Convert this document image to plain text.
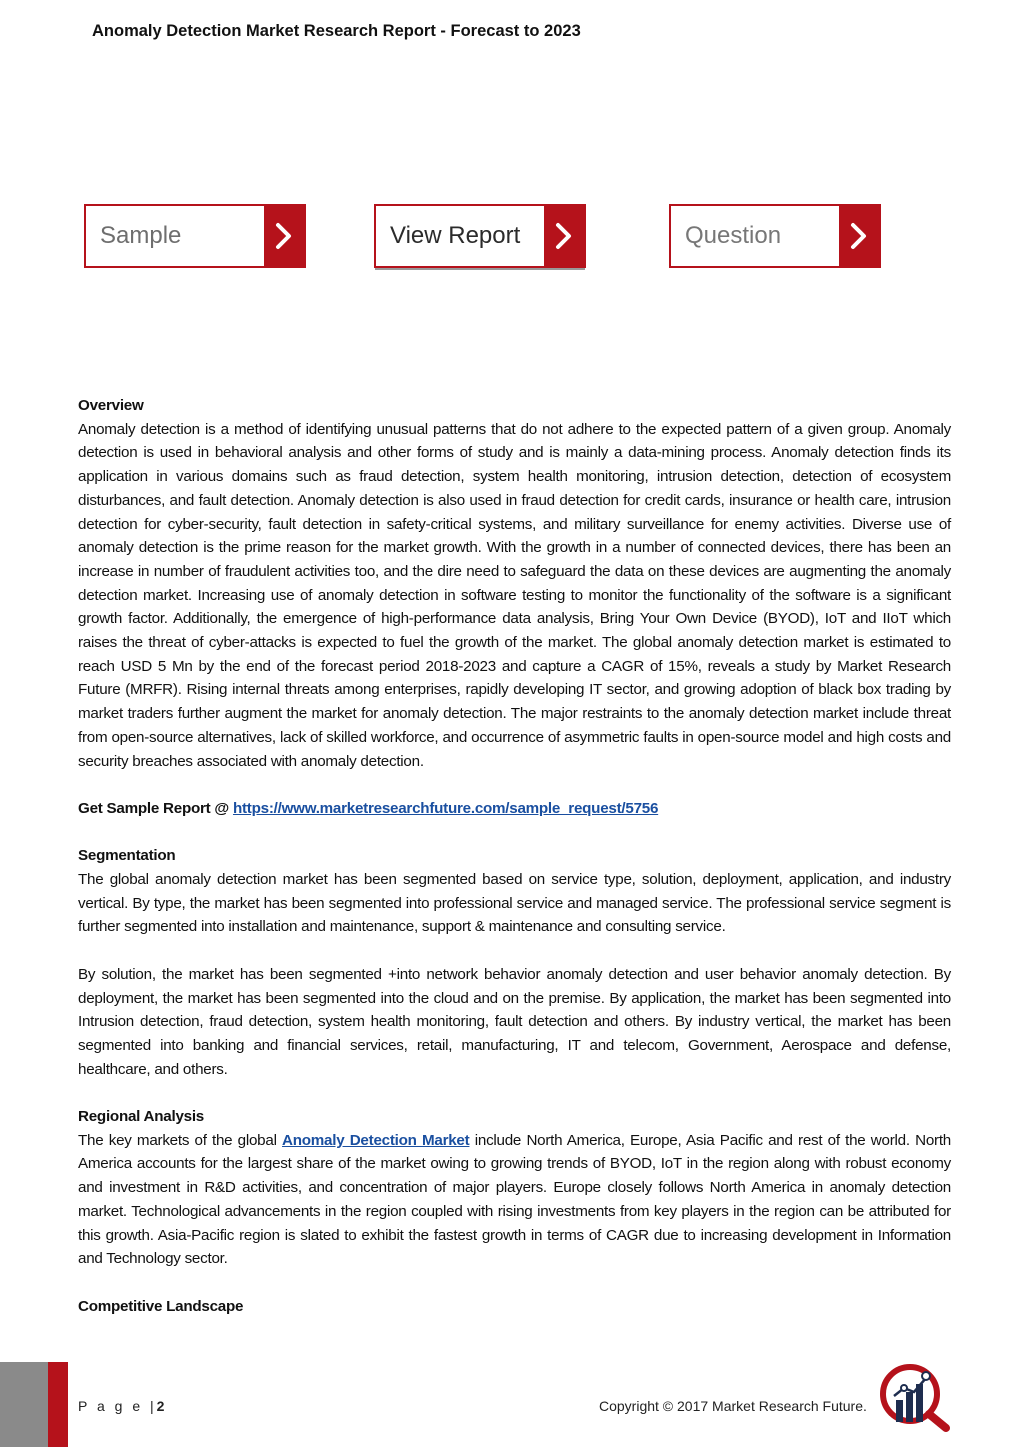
Anomaly Detection Market Research Report - Forecast to 2023
Sample	View Report	Question

Overview

Anomaly detection is a method of identifying unusual patterns that do not adhere to the expected pattern of a given group. Anomaly detection is used in behavioral analysis and other forms of study and is mainly a data-mining process. Anomaly detection finds its application in various domains such as fraud detection, system health monitoring, intrusion detection, detection of ecosystem disturbances, and fault detection. Anomaly detection is also used in fraud detection for credit cards, insurance or health care, intrusion detection for cyber-security, fault detection in safety-critical systems, and military surveillance for enemy activities. Diverse use of anomaly detection is the prime reason for the market growth. With the growth in a number of connected devices, there has been an increase in number of fraudulent activities too, and the dire need to safeguard the data on these devices are augmenting the anomaly detection market. Increasing use of anomaly detection in software testing to monitor the functionality of the software is a significant growth factor. Additionally, the emergence of high-performance data analysis, Bring Your Own Device (BYOD), IoT and IIoT which raises the threat of cyber-attacks is expected to fuel the growth of the market. The global anomaly detection market is estimated to reach USD 5 Mn by the end of the forecast period 2018-2023 and capture a CAGR of 15%, reveals a study by Market Research Future (MRFR). Rising internal threats among enterprises, rapidly developing IT sector, and growing adoption of black box trading by market traders further augment the market for anomaly detection. The major restraints to the anomaly detection market include threat from open-source alternatives, lack of skilled workforce, and occurrence of asymmetric faults in open-source model and high costs and security breaches associated with anomaly detection.

Get Sample Report @ https://www.marketresearchfuture.com/sample_request/5756

Segmentation

The global anomaly detection market has been segmented based on service type, solution, deployment, application, and industry vertical. By type, the market has been segmented into professional service and managed service. The professional service segment is further segmented into installation and maintenance, support & maintenance and consulting service.

By solution, the market has been segmented +into network behavior anomaly detection and user behavior anomaly detection. By deployment, the market has been segmented into the cloud and on the premise. By application, the market has been segmented into Intrusion detection, fraud detection, system health monitoring, fault detection and others. By industry vertical, the market has been segmented into banking and financial services, retail, manufacturing, IT and telecom, Government, Aerospace and defense, healthcare, and others.

Regional Analysis

The key markets of the global Anomaly Detection Market include North America, Europe, Asia Pacific and rest of the world. North America accounts for the largest share of the market owing to growing trends of BYOD, IoT in the region along with robust economy and investment in R&D activities, and concentration of major players. Europe closely follows North America in anomaly detection market. Technological advancements in the region coupled with rising investments from key players in the region can be attributed for this growth. Asia-Pacific region is slated to exhibit the fastest growth in terms of CAGR due to increasing development in Information and Technology sector.

Competitive Landscape

P a g e |2	Copyright © 2017 Market Research Future.
